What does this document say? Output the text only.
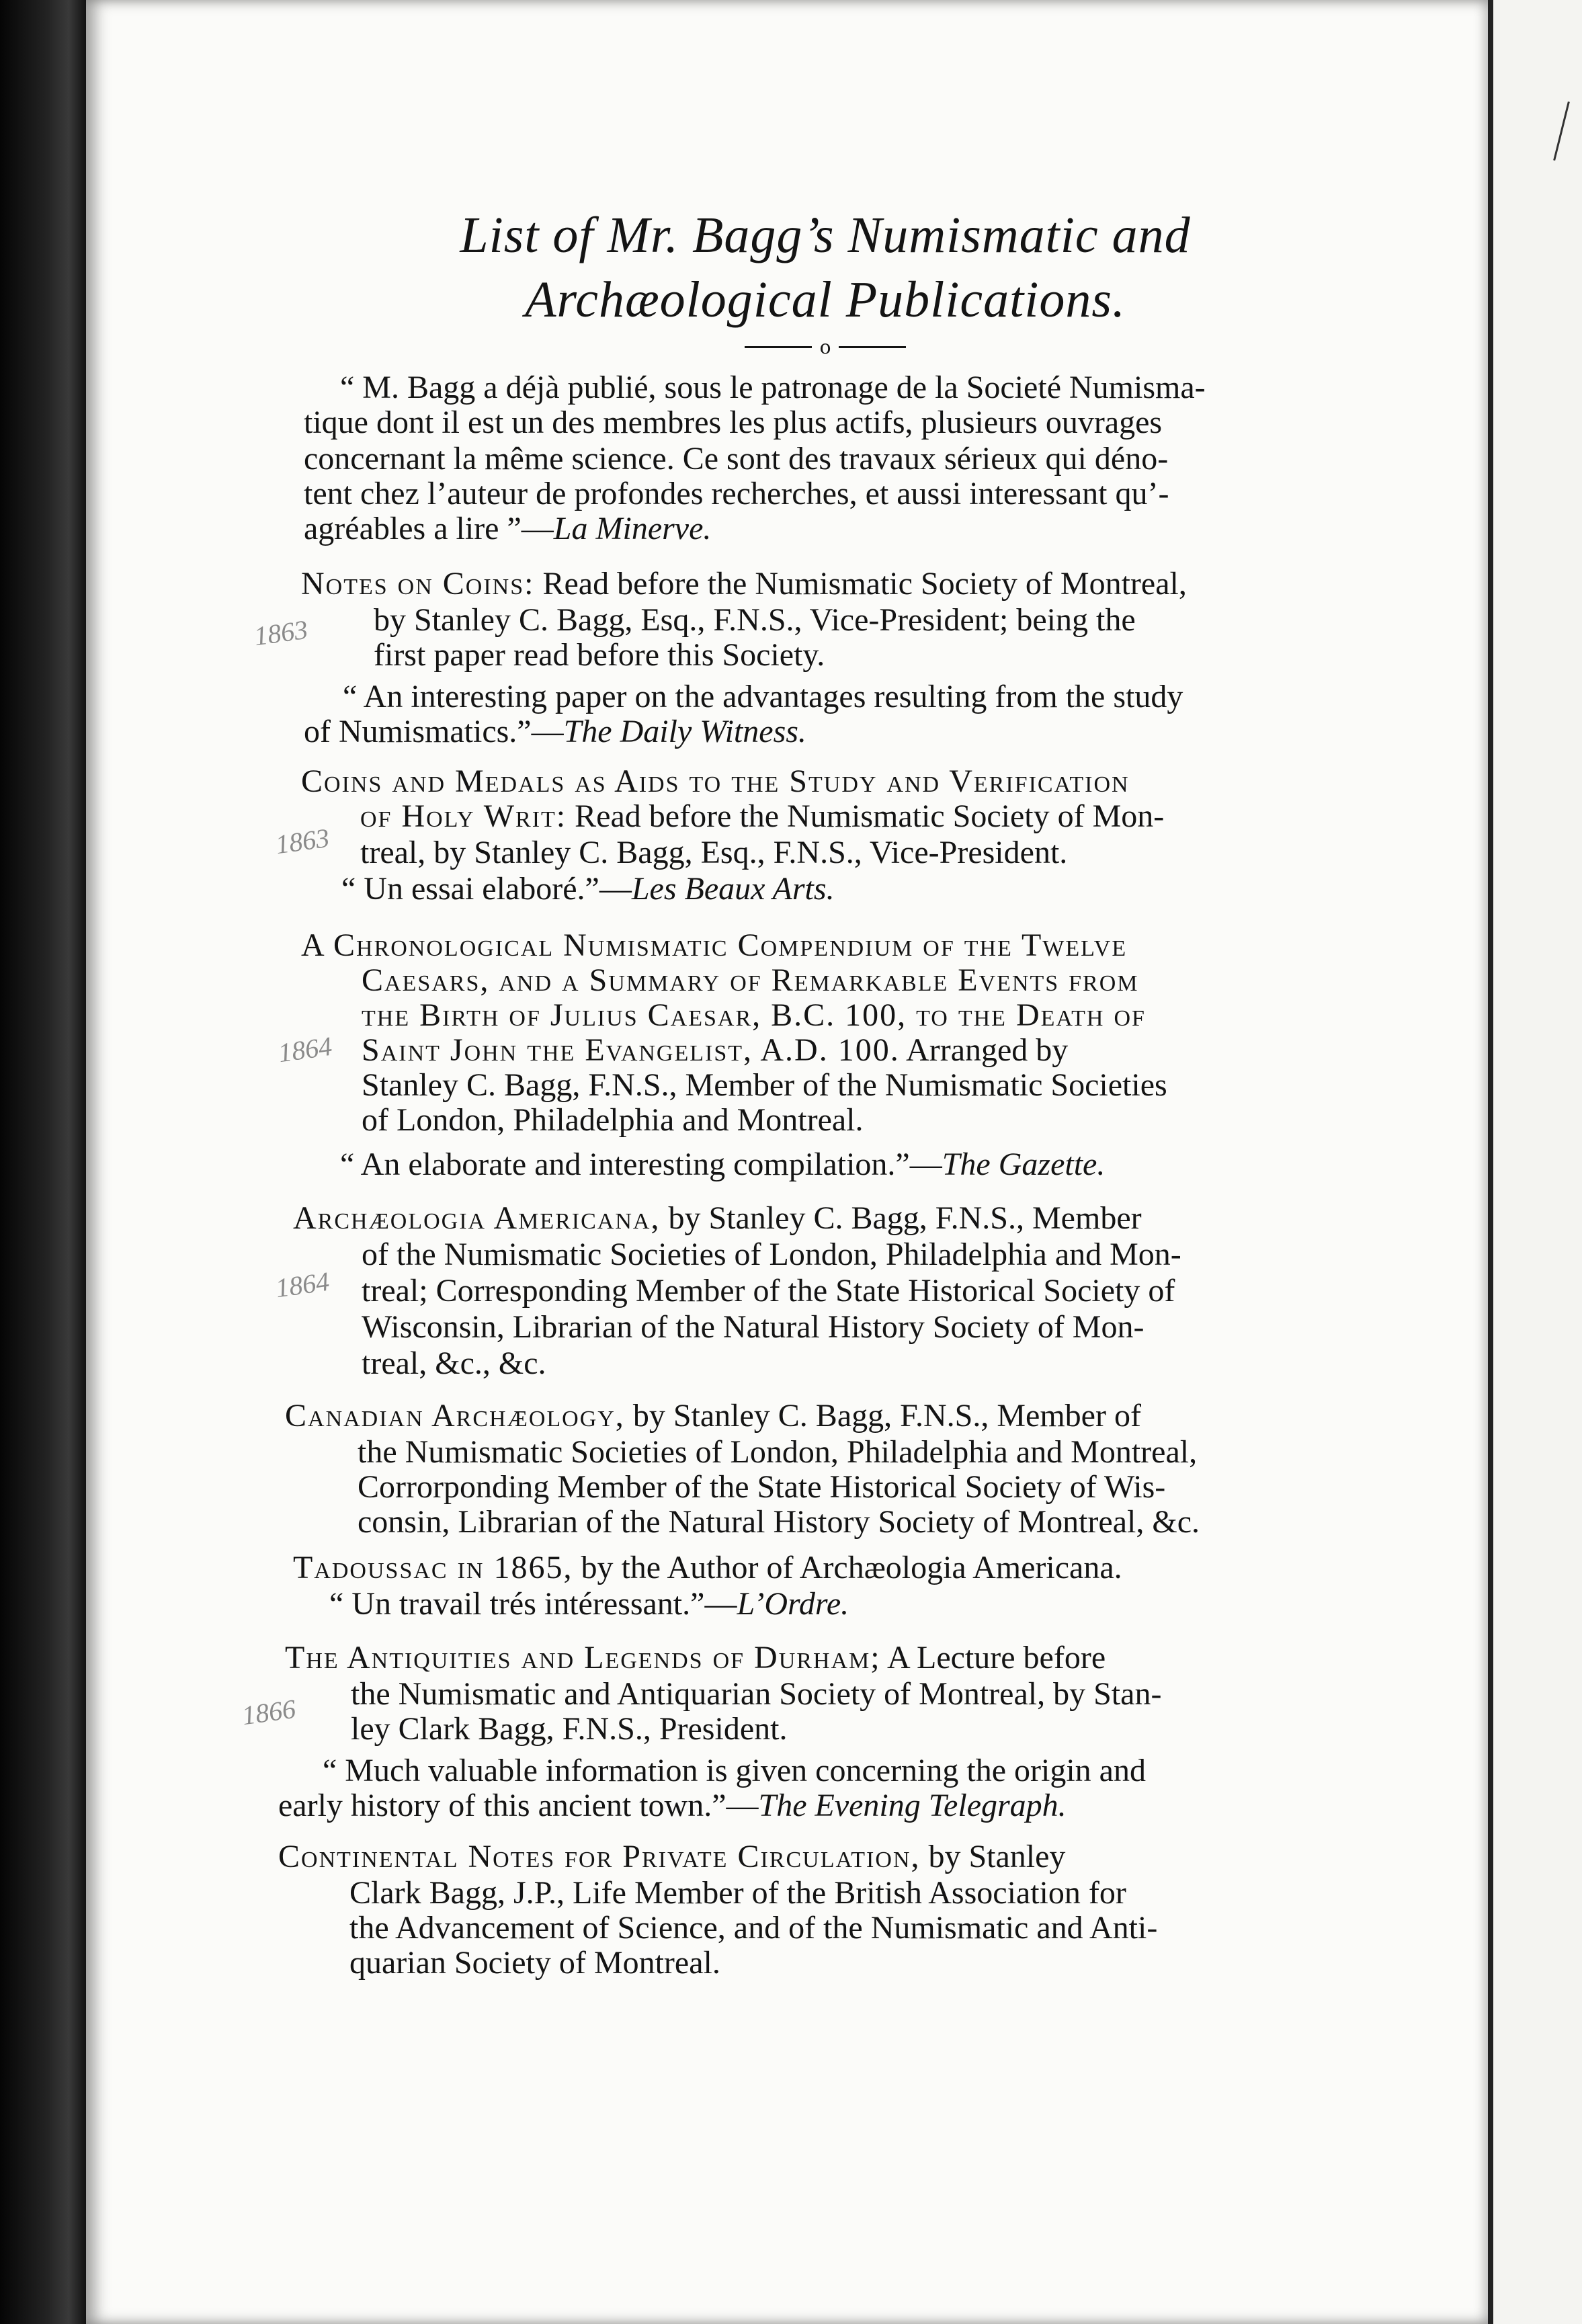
List of Mr. Bagg’s Numismatic and
Archæological Publications.
o
“ M. Bagg a déjà publié, sous le patronage de la Societé Numisma-
tique dont il est un des membres les plus actifs, plusieurs ouvrages
concernant la même science. Ce sont des travaux sérieux qui déno-
tent chez l’auteur de profondes recherches, et aussi interessant qu’-
agréables a lire ”—La Minerve.
Notes on Coins: Read before the Numismatic Society of Montreal,
by Stanley C. Bagg, Esq., F.N.S., Vice-President; being the
first paper read before this Society.
“ An interesting paper on the advantages resulting from the study
of Numismatics.”—The Daily Witness.
1863
Coins and Medals as Aids to the Study and Verification
of Holy Writ: Read before the Numismatic Society of Mon-
treal, by Stanley C. Bagg, Esq., F.N.S., Vice-President.
“ Un essai elaboré.”—Les Beaux Arts.
1863
A Chronological Numismatic Compendium of the Twelve
Caesars, and a Summary of Remarkable Events from
the Birth of Julius Caesar, B.C. 100, to the Death of
Saint John the Evangelist, A.D. 100. Arranged by
Stanley C. Bagg, F.N.S., Member of the Numismatic Societies
of London, Philadelphia and Montreal.
“ An elaborate and interesting compilation.”—The Gazette.
1864
Archæologia Americana, by Stanley C. Bagg, F.N.S., Member
of the Numismatic Societies of London, Philadelphia and Mon-
treal; Corresponding Member of the State Historical Society of
Wisconsin, Librarian of the Natural History Society of Mon-
treal, &c., &c.
1864
Canadian Archæology, by Stanley C. Bagg, F.N.S., Member of
the Numismatic Societies of London, Philadelphia and Montreal,
Corrorponding Member of the State Historical Society of Wis-
consin, Librarian of the Natural History Society of Montreal, &c.
Tadoussac in 1865, by the Author of Archæologia Americana.
“ Un travail trés intéressant.”—L’Ordre.
The Antiquities and Legends of Durham; A Lecture before
the Numismatic and Antiquarian Society of Montreal, by Stan-
ley Clark Bagg, F.N.S., President.
“ Much valuable information is given concerning the origin and
early history of this ancient town.”—The Evening Telegraph.
1866
Continental Notes for Private Circulation, by Stanley
Clark Bagg, J.P., Life Member of the British Association for
the Advancement of Science, and of the Numismatic and Anti-
quarian Society of Montreal.
